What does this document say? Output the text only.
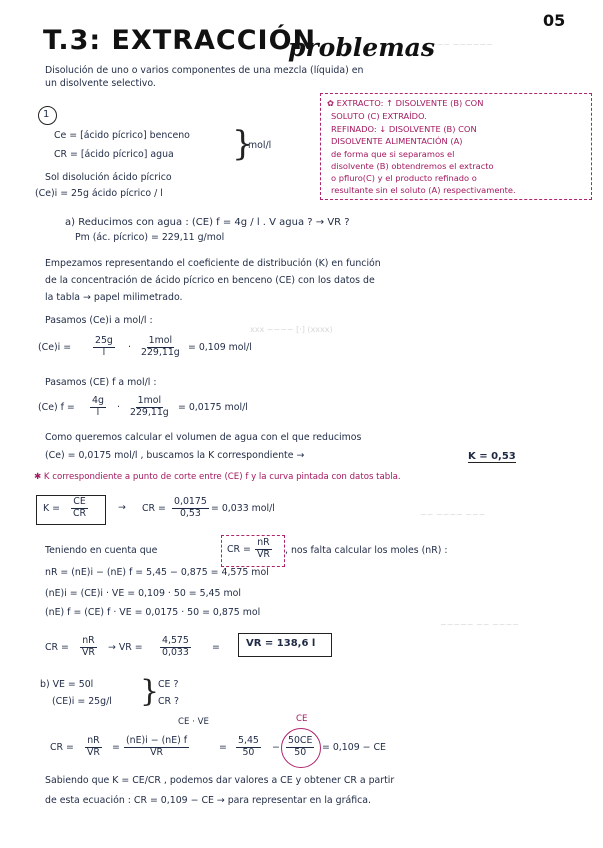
~~~~~~ ~~~
(xxxx) [·] ~~~~ xxx
~~~ ~~~~ ~~
~~~~ ~~ ~~~~~
05
T.3: EXTRACCIÓN
problemas
Disolución de uno o varios componentes de una mezcla (líquida) en
un disolvente selectivo.
✿ EXTRACTO: ↑ DISOLVENTE (B) CON
SOLUTO (C) EXTRAÍDO.
REFINADO: ↓ DISOLVENTE (B) CON
DISOLVENTE ALIMENTACIÓN (A)
de forma que si separamos el
disolvente (B) obtendremos el extracto
o pfluro(C) y el producto refinado o
resultante sin el soluto (A) respectivamente.
1
Ce = [ácido pícrico] benceno
CR = [ácido pícrico] agua }
mol/l
Sol disolución ácido pícrico
(Ce)i = 25g ácido pícrico / l
a) Reducimos con agua : (CE) f = 4g / l . V agua ? → VR ?
Pm (ác. pícrico) = 229,11 g/mol
Empezamos representando el coeficiente de distribución (K) en función
de la concentración de ácido pícrico en benceno (CE) con los datos de
la tabla → papel milimetrado.
Pasamos (Ce)i a mol/l :
$(Ce)i = \frac{25g}{l}$ ·
1mol
229,11g = 0,109 mol/l
Pasamos (CE) f a mol/l :
(Ce) $f = \frac{4g}{l}$ ·
1mol
229,11g = 0,0175 mol/l
Como queremos calcular el volumen de agua con el que reducimos
(Ce) = 0,0175 mol/l , buscamos la K correspondiente →	K = 0,53
✱ K correspondiente a punto de corte entre (CE) f y la curva pintada con datos tabla.
$K = \frac{CE}{CR}$	→ CR = $\frac{0,0175}{0,53} = 0,033$ mol/l
Teniendo en cuenta que	CR = $\frac{nR}{VR}$ , nos falta calcular los moles (nR) :
nR = (nE)i − (nE) f = 5,45 − 0,875 = 4,575 mol
(nE)i = (CE)i · VE = 0,109 · 50 = 5,45 mol
(nE) f = (CE) f · VE = 0,0175 · 50 = 0,875 mol
CR = $\frac{nR}{VR}$ → VR = $\frac{4,575}{0,033}$ =	VR = 138,6 l
b) VE = 50l
(CE)i = 25g/l }
CE ?
CR ?
CE · VE	CE
CR = $\frac{nR}{VR} = \frac{(nE)i - (nE) f}{VR}$	= $\frac{5,45}{50} - \frac{50CE}{50} = 0,109$ − CE
Sabiendo que K = CE/CR , podemos dar valores a CE y obtener CR a partir
de esta ecuación : CR = 0,109 − CE → para representar en la gráfica.
